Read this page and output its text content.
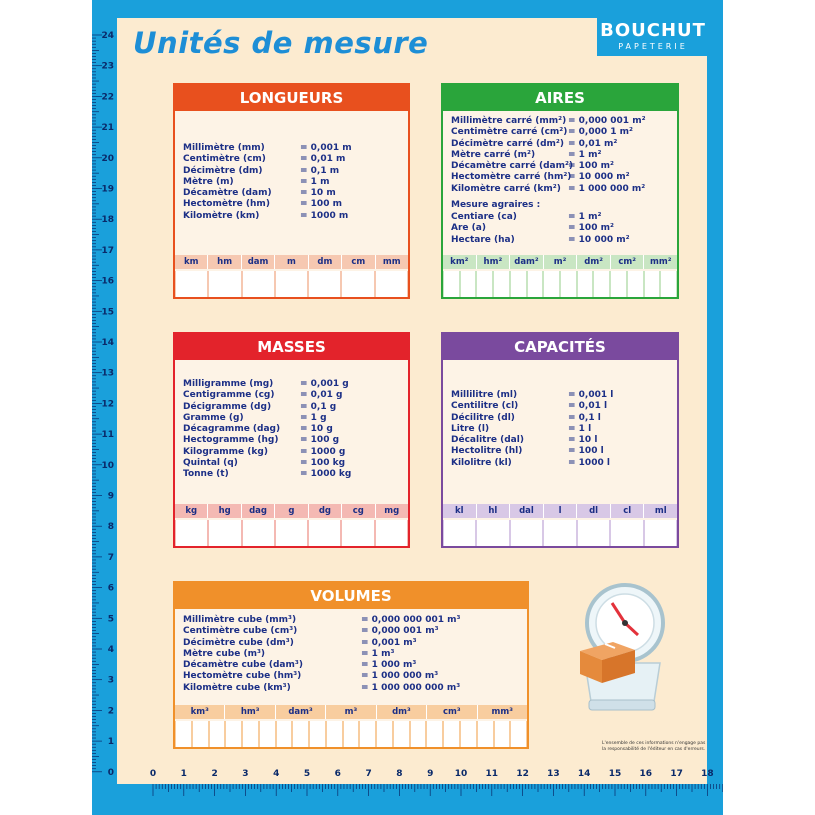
24
23
22
21
20
19
18
17
16
15
14
13
12
11
10
9
8
7
6
5
4
3
2
1
0	0	1	2	3	4	5	6	7	8	9 10 11 12 13 14 15 16 17 18
Unités de mesure	BOUCHUT
PAPETERIE
LONGUEURS
Millimètre (mm)	= 0,001 m
Centimètre (cm)	= 0,01 m
Décimètre (dm)	= 0,1 m
Mètre (m)	= 1 m
Décamètre (dam)	= 10 m
Hectomètre (hm)	= 100 m
Kilomètre (km)	= 1000 m
km	hm	dam	m	dm	cm	mm
AIRES
Millimètre carré (mm²) = 0,000 001 m²
Centimètre carré (cm²) = 0,000 1 m²
Décimètre carré (dm²) = 0,01 m²
Mètre carré (m²)	= 1 m²
Décamètre carré (dam²)
= 100 m²
Hectomètre carré (hm²)
= 10 000 m²
Kilomètre carré (km²) = 1 000 000 m²
Mesure agraires :
Centiare (ca)	= 1 m²
Are (a)	= 100 m²
Hectare (ha)	= 10 000 m²
km²	hm²	dam²	m²	dm²	cm²	mm²
MASSES
Milligramme (mg)	= 0,001 g
Centigramme (cg)	= 0,01 g
Décigramme (dg)	= 0,1 g
Gramme (g)	= 1 g
Décagramme (dag) = 10 g
Hectogramme (hg) = 100 g
Kilogramme (kg)	= 1000 g
Quintal (q)	= 100 kg
Tonne (t)	= 1000 kg
kg	hg	dag	g	dg	cg	mg
CAPACITÉS
Millilitre (ml)	= 0,001 l
Centilitre (cl)	= 0,01 l
Décilitre (dl)	= 0,1 l
Litre (l)	= 1 l
Décalitre (dal)	= 10 l
Hectolitre (hl)	= 100 l
Kilolitre (kl)	= 1000 l
kl	hl	dal	l	dl	cl	ml
VOLUMES
Millimètre cube (mm³)	= 0,000 000 001 m³
Centimètre cube (cm³)	= 0,000 001 m³
Décimètre cube (dm³)	= 0,001 m³
Mètre cube (m³)	= 1 m³
Décamètre cube (dam³)	= 1 000 m³
Hectomètre cube (hm³)	= 1 000 000 m³
Kilomètre cube (km³)	= 1 000 000 000 m³
km³	hm³	dam³	m³	dm³	cm³	mm³
L'ensemble de ces informations n'engage pas la responsabilité de l'éditeur en cas d'erreurs.
